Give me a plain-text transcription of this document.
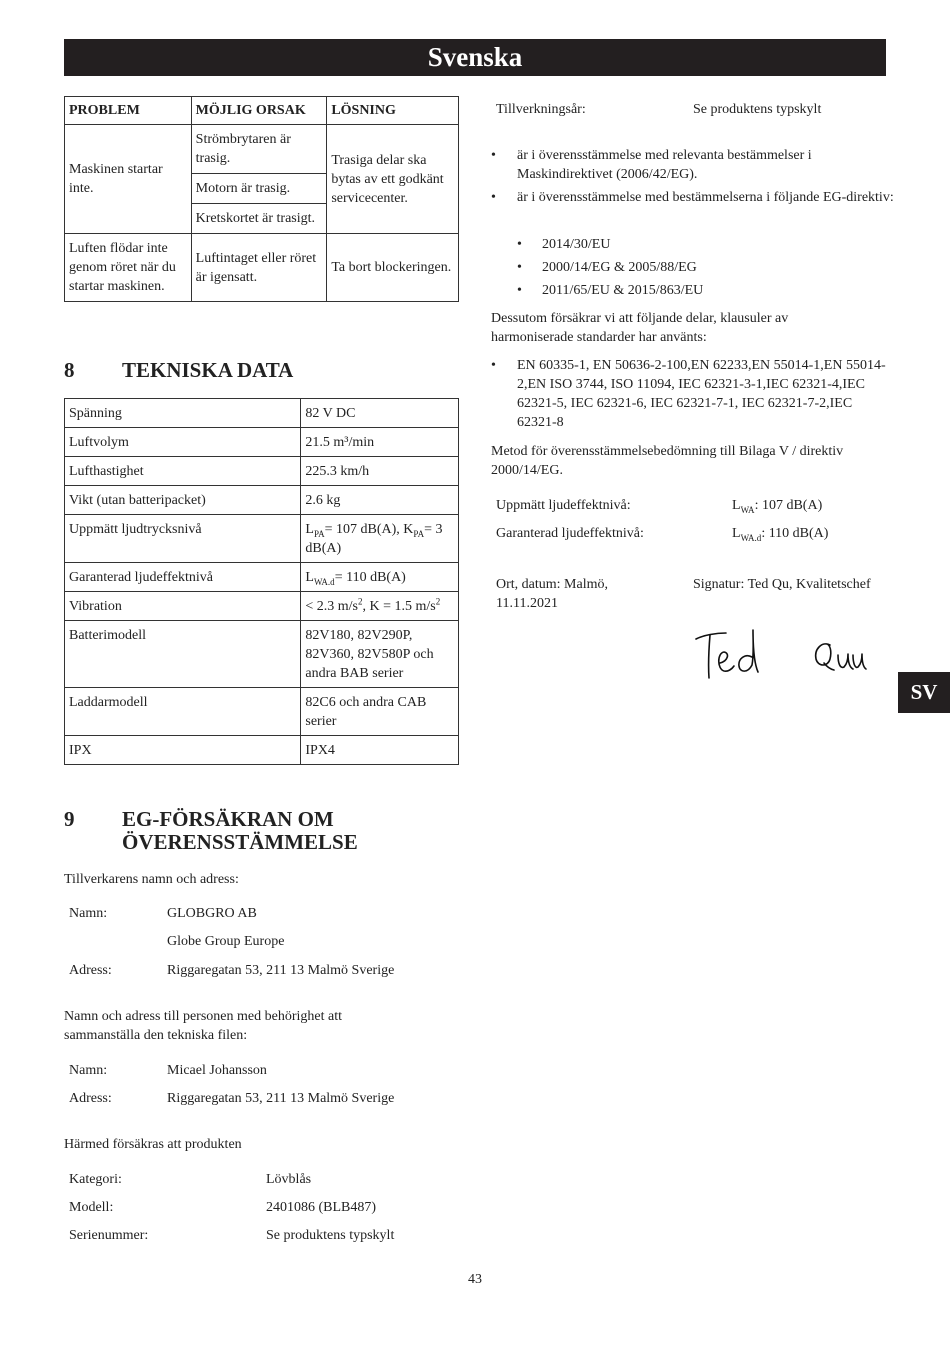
Svenska
SV
PROBLEM	MÖJLIG ORSAK	LÖSNING
Maskinen startar inte.	Strömbrytaren är trasig.	Trasiga delar ska bytas av ett godkänt servicecenter.
	Motorn är trasig.	
	Kretskortet är trasigt.	
Luften flödar inte genom röret när du startar maskinen.	Luftintaget eller röret är igensatt.	Ta bort blockeringen.
8 TEKNISKA DATA
Spänning	82 V DC
Luftvolym	21.5 m³/min
Lufthastighet	225.3 km/h
Vikt (utan batteripacket)	2.6 kg
Uppmätt ljudtrycksnivå	$L_{PA}= 107$ dB(A), $K_{PA}= 3$ dB(A)
Garanterad ljudeffektnivå	$L_{WA.d}= 110$ dB(A)
Vibration	< 2.3 $m/s^2$, K = 1.5 $m/s^2$
Batterimodell	82V180, 82V290P, 82V360, 82V580P och andra BAB serier
Laddarmodell	82C6 och andra CAB serier
IPX	IPX4
9 EG-FÖRSÄKRAN OM
ÖVERENSSTÄMMELSE
Tillverkarens namn och adress:
Namn:	GLOBGRO AB
Globe Group Europe
Adress:	Riggaregatan 53, 211 13 Malmö Sverige
Namn och adress till personen med behörighet att sammanställa den tekniska filen:
Namn:	Micael Johansson
Adress:	Riggaregatan 53, 211 13 Malmö Sverige
Härmed försäkras att produkten
Kategori:	Lövblås
Modell:	2401086 (BLB487)
Serienummer:	Se produktens typskylt
Tillverkningsår:	Se produktens typskylt
• är i överensstämmelse med relevanta bestämmelser i Maskindirektivet (2006/42/EG).
• är i överensstämmelse med bestämmelserna i följande EG-direktiv:
• 2014/30/EU
• 2000/14/EG & 2005/88/EG
• 2011/65/EU & 2015/863/EU
Dessutom försäkrar vi att följande delar, klausuler av harmoniserade standarder har använts:
• EN 60335-1, EN 50636-2-100,EN 62233,EN 55014-1,EN 55014-2,EN ISO 3744, ISO 11094, IEC 62321-3-1,IEC 62321-4,IEC 62321-5, IEC 62321-6, IEC 62321-7-1, IEC 62321-7-2,IEC 62321-8
Metod för överensstämmelsebedömning till Bilaga V / direktiv 2000/14/EG.
Uppmätt ljudeffektnivå:	$L_{WA}$: 107 dB(A)
Garanterad ljudeffektnivå:	$L_{WA.d}$: 110 dB(A)
Ort, datum: Malmö, 11.11.2021
Signatur: Ted Qu, Kvalitetschef
43
